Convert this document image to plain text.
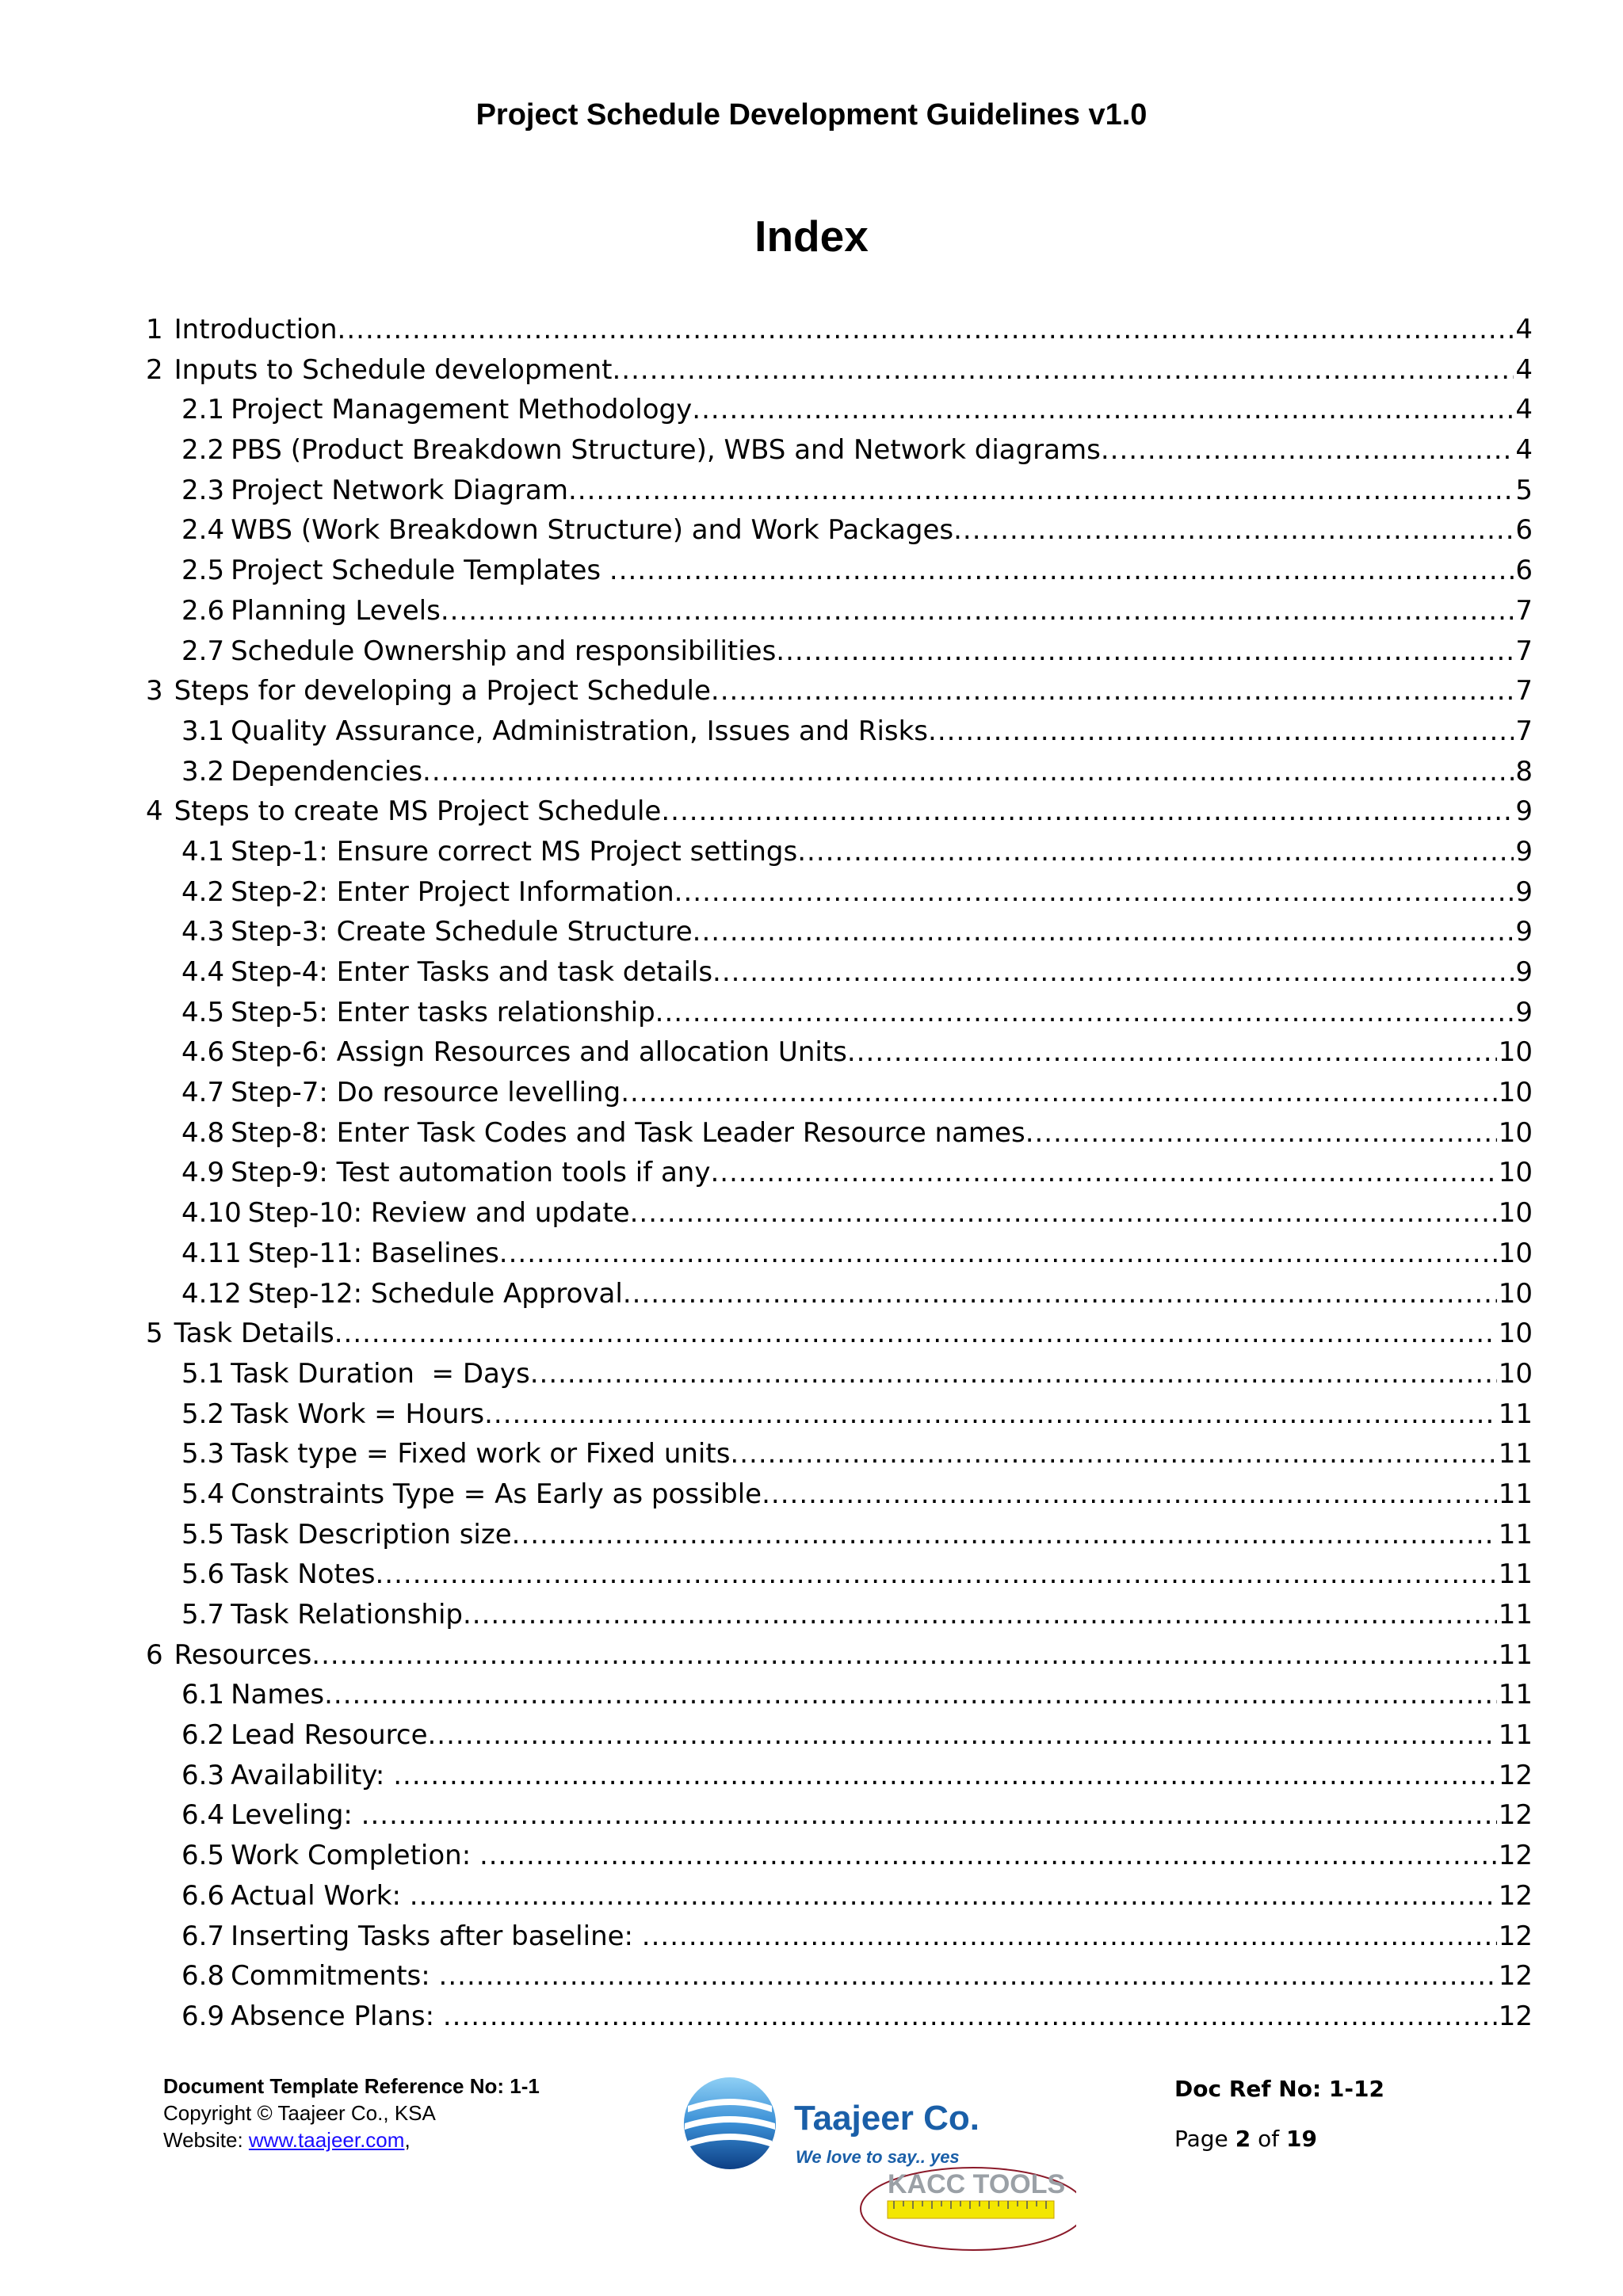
Project Schedule Development Guidelines v1.0
Index
1 Introduction .....	4
2 Inputs to Schedule development .....	4
2.1 Project Management Methodology .....	4
2.2 PBS (Product Breakdown Structure), WBS and Network diagrams .....	4
2.3 Project Network Diagram .....	5
2.4 WBS (Work Breakdown Structure) and Work Packages .....	6
2.5 Project Schedule Templates .....	6
2.6 Planning Levels .....	7
2.7 Schedule Ownership and responsibilities .....	7
3 Steps for developing a Project Schedule .....	7
3.1 Quality Assurance, Administration, Issues and Risks .....	7
3.2 Dependencies .....	8
4 Steps to create MS Project Schedule .....	9
4.1 Step-1: Ensure correct MS Project settings .....	9
4.2 Step-2: Enter Project Information .....	9
4.3 Step-3: Create Schedule Structure .....	9
4.4 Step-4: Enter Tasks and task details .....	9
4.5 Step-5: Enter tasks relationship .....	9
4.6 Step-6: Assign Resources and allocation Units .....	10
4.7 Step-7: Do resource levelling .....	10
4.8 Step-8: Enter Task Codes and Task Leader Resource names .....	10
4.9 Step-9: Test automation tools if any .....	10
4.10 Step-10: Review and update .....	10
4.11 Step-11: Baselines .....	10
4.12 Step-12: Schedule Approval .....	10
5 Task Details .....	10
5.1 Task Duration  = Days .....	10
5.2 Task Work = Hours .....	11
5.3 Task type = Fixed work or Fixed units .....	11
5.4 Constraints Type = As Early as possible .....	11
5.5 Task Description size .....	11
5.6 Task Notes .....	11
5.7 Task Relationship .....	11
6 Resources .....	11
6.1 Names .....	11
6.2 Lead Resource .....	11
6.3 Availability: .....	12
6.4 Leveling: .....	12
6.5 Work Completion: .....	12
6.6 Actual Work: .....	12
6.7 Inserting Tasks after baseline: .....	12
6.8 Commitments: .....	12
6.9 Absence Plans: .....	12
Document Template Reference No: 1-1
Copyright © Taajeer Co., KSA
Website: www.taajeer.com,
Taajeer Co.
We love to say.. yes
KACC TOOLS
Doc Ref No: 1-12
Page 2 of 19
